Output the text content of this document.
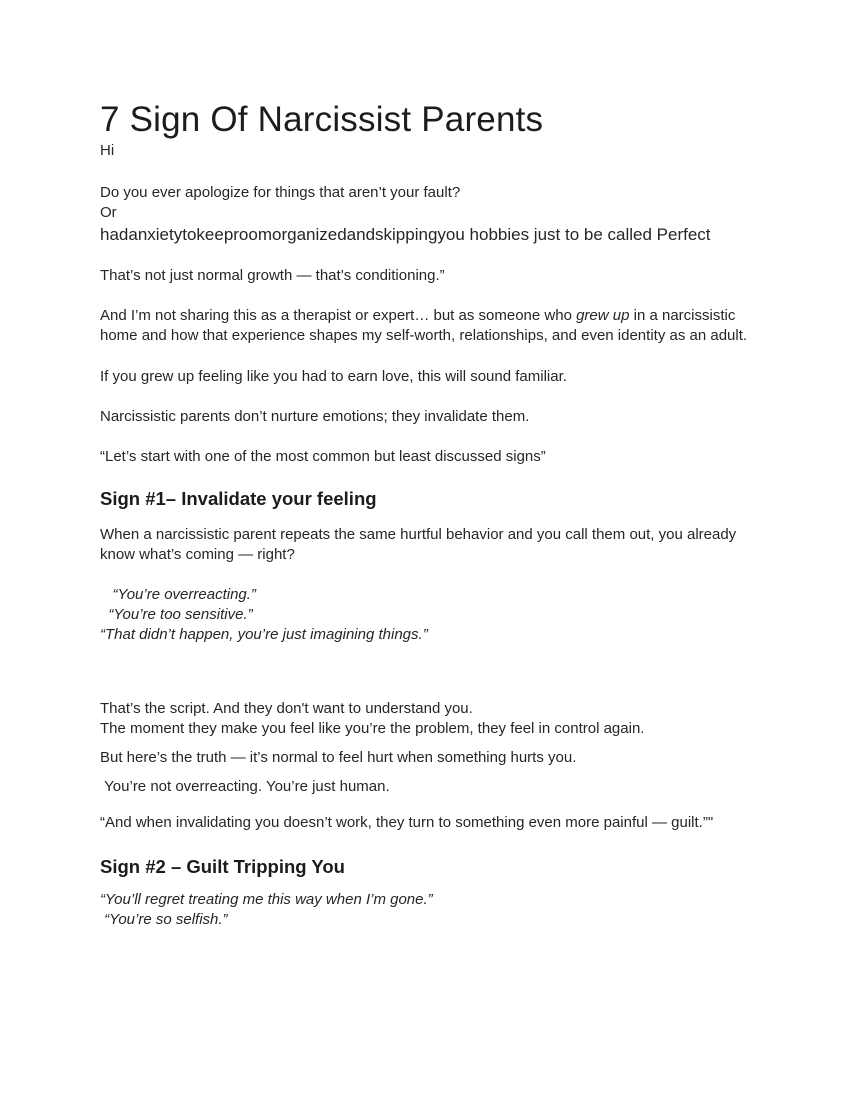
7 Sign Of Narcissist Parents
Hi
Do you ever apologize for things that aren’t your fault?
Or
hadanxietytokeeproomorganizedandskippingyou hobbies just to be called Perfect
That’s not just normal growth — that’s conditioning.”
And I’m not sharing this as a therapist or expert… but as someone who grew up in a narcissistic home and how that experience shapes my self-worth, relationships, and even identity as an adult.
If you grew up feeling like you had to earn love, this will sound familiar.
Narcissistic parents don’t nurture emotions; they invalidate them.
“Let’s start with one of the most common but least discussed signs”
Sign #1– Invalidate your feeling
When a narcissistic parent repeats the same hurtful behavior and you call them out, you already know what’s coming — right?
“You’re overreacting.”
“You’re too sensitive.”
“That didn’t happen, you’re just imagining things.”
That’s the script. And they don't want to understand you.
The moment they make you feel like you’re the problem, they feel in control again.
But here’s the truth — it’s normal to feel hurt when something hurts you.
You’re not overreacting. You’re just human.
“And when invalidating you doesn’t work, they turn to something even more painful — guilt.”"
Sign #2 – Guilt Tripping You
“You’ll regret treating me this way when I’m gone.”
“You’re so selfish.”
